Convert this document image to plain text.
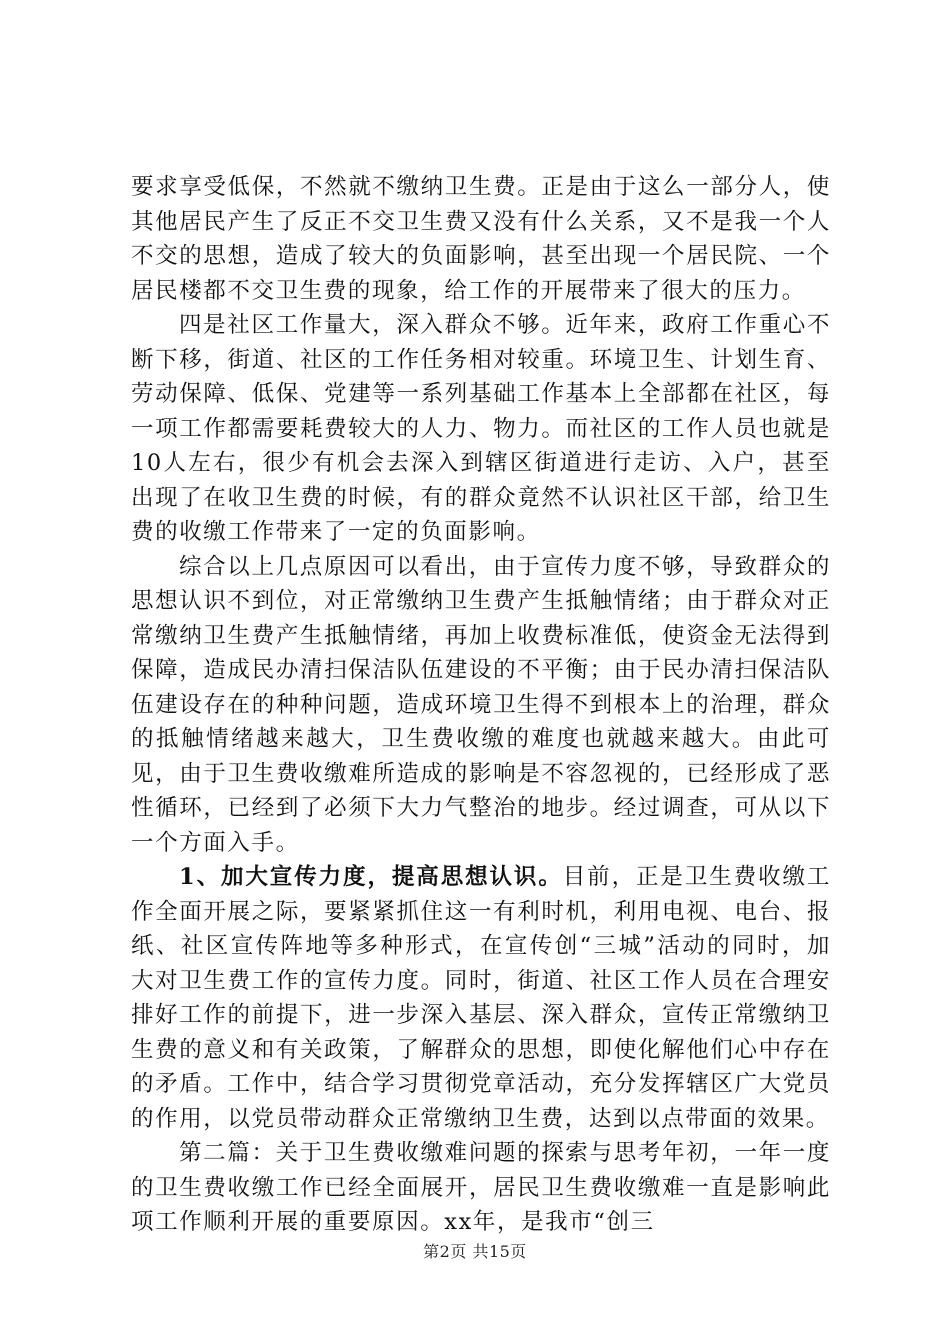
要求享受低保，不然就不缴纳卫生费。正是由于这么一部分人，使其他居民产生了反正不交卫生费又没有什么关系，又不是我一个人不交的思想，造成了较大的负面影响，甚至出现一个居民院、一个居民楼都不交卫生费的现象，给工作的开展带来了很大的压力。

四是社区工作量大，深入群众不够。近年来，政府工作重心不断下移，街道、社区的工作任务相对较重。环境卫生、计划生育、劳动保障、低保、党建等一系列基础工作基本上全部都在社区，每一项工作都需要耗费较大的人力、物力。而社区的工作人员也就是10人左右，很少有机会去深入到辖区街道进行走访、入户，甚至出现了在收卫生费的时候，有的群众竟然不认识社区干部，给卫生费的收缴工作带来了一定的负面影响。

综合以上几点原因可以看出，由于宣传力度不够，导致群众的思想认识不到位，对正常缴纳卫生费产生抵触情绪；由于群众对正常缴纳卫生费产生抵触情绪，再加上收费标准低，使资金无法得到保障，造成民办清扫保洁队伍建设的不平衡；由于民办清扫保洁队伍建设存在的种种问题，造成环境卫生得不到根本上的治理，群众的抵触情绪越来越大，卫生费收缴的难度也就越来越大。由此可见，由于卫生费收缴难所造成的影响是不容忽视的，已经形成了恶性循环，已经到了必须下大力气整治的地步。经过调查，可从以下一个方面入手。

1、加大宣传力度，提高思想认识。目前，正是卫生费收缴工作全面开展之际，要紧紧抓住这一有利时机，利用电视、电台、报纸、社区宣传阵地等多种形式，在宣传创“三城”活动的同时，加大对卫生费工作的宣传力度。同时，街道、社区工作人员在合理安排好工作的前提下，进一步深入基层、深入群众，宣传正常缴纳卫生费的意义和有关政策，了解群众的思想，即使化解他们心中存在的矛盾。工作中，结合学习贯彻党章活动，充分发挥辖区广大党员的作用，以党员带动群众正常缴纳卫生费，达到以点带面的效果。

第二篇：关于卫生费收缴难问题的探索与思考年初，一年一度的卫生费收缴工作已经全面展开，居民卫生费收缴难一直是影响此项工作顺利开展的重要原因。xx年，是我市“创三

第2页 共15页
